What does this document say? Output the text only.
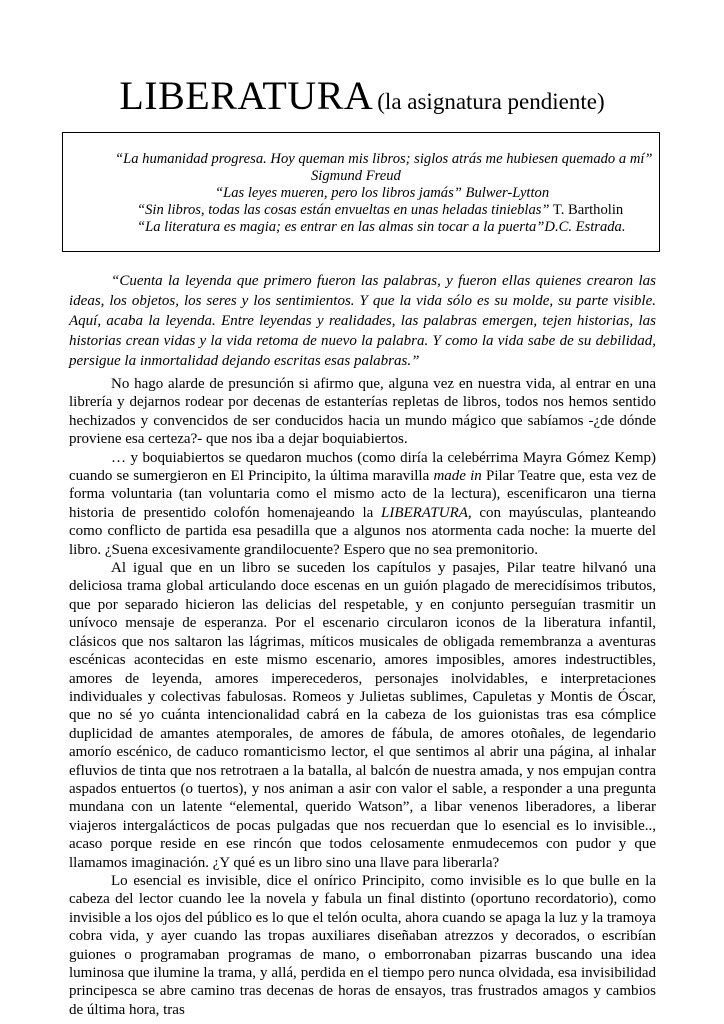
LIBERATURA (la asignatura pendiente)
“La humanidad progresa. Hoy queman mis libros; siglos atrás me hubiesen quemado a mí”
Sigmund Freud
“Las leyes mueren, pero los libros jamás” Bulwer-Lytton
“Sin libros, todas las cosas están envueltas en unas heladas tinieblas” T. Bartholin
“La literatura es magia; es entrar en las almas sin tocar a la puerta”D.C. Estrada.

“Cuenta la leyenda que primero fueron las palabras, y fueron ellas quienes crearon las ideas, los objetos, los seres y los sentimientos. Y que la vida sólo es su molde, su parte visible. Aquí, acaba la leyenda. Entre leyendas y realidades, las palabras emergen, tejen historias, las historias crean vidas y la vida retoma de nuevo la palabra. Y como la vida sabe de su debilidad, persigue la inmortalidad dejando escritas esas palabras.”

No hago alarde de presunción si afirmo que, alguna vez en nuestra vida, al entrar en una librería y dejarnos rodear por decenas de estanterías repletas de libros, todos nos hemos sentido hechizados y convencidos de ser conducidos hacia un mundo mágico que sabíamos -¿de dónde proviene esa certeza?- que nos iba a dejar boquiabiertos.

… y boquiabiertos se quedaron muchos (como diría la celebérrima Mayra Gómez Kemp) cuando se sumergieron en El Principito, la última maravilla made in Pilar Teatre que, esta vez de forma voluntaria (tan voluntaria como el mismo acto de la lectura), escenificaron una tierna historia de presentido colofón homenajeando la LIBERATURA, con mayúsculas, planteando como conflicto de partida esa pesadilla que a algunos nos atormenta cada noche: la muerte del libro. ¿Suena excesivamente grandilocuente? Espero que no sea premonitorio.

Al igual que en un libro se suceden los capítulos y pasajes, Pilar teatre hilvanó una deliciosa trama global articulando doce escenas en un guión plagado de merecidísimos tributos, que por separado hicieron las delicias del respetable, y en conjunto perseguían trasmitir un unívoco mensaje de esperanza. Por el escenario circularon iconos de la liberatura infantil, clásicos que nos saltaron las lágrimas, míticos musicales de obligada remembranza a aventuras escénicas acontecidas en este mismo escenario, amores imposibles, amores indestructibles, amores de leyenda, amores imperecederos, personajes inolvidables, e interpretaciones individuales y colectivas fabulosas. Romeos y Julietas sublimes, Capuletas y Montis de Óscar, que no sé yo cuánta intencionalidad cabrá en la cabeza de los guionistas tras esa cómplice duplicidad de amantes atemporales, de amores de fábula, de amores otoñales, de legendario amorío escénico, de caduco romanticismo lector, el que sentimos al abrir una página, al inhalar efluvios de tinta que nos retrotraen a la batalla, al balcón de nuestra amada, y nos empujan contra aspados entuertos (o tuertos), y nos animan a asir con valor el sable, a responder a una pregunta mundana con un latente “elemental, querido Watson”, a libar venenos liberadores, a liberar viajeros intergalácticos de pocas pulgadas que nos recuerdan que lo esencial es lo invisible.., acaso porque reside en ese rincón que todos celosamente enmudecemos con pudor y que llamamos imaginación. ¿Y qué es un libro sino una llave para liberarla?

Lo esencial es invisible, dice el onírico Principito, como invisible es lo que bulle en la cabeza del lector cuando lee la novela y fabula un final distinto (oportuno recordatorio), como invisible a los ojos del público es lo que el telón oculta, ahora cuando se apaga la luz y la tramoya cobra vida, y ayer cuando las tropas auxiliares diseñaban atrezzos y decorados, o escribían guiones o programaban programas de mano, o emborronaban pizarras buscando una idea luminosa que ilumine la trama, y allá, perdida en el tiempo pero nunca olvidada, esa invisibilidad principesca se abre camino tras decenas de horas de ensayos, tras frustrados amagos y cambios de última hora, tras
